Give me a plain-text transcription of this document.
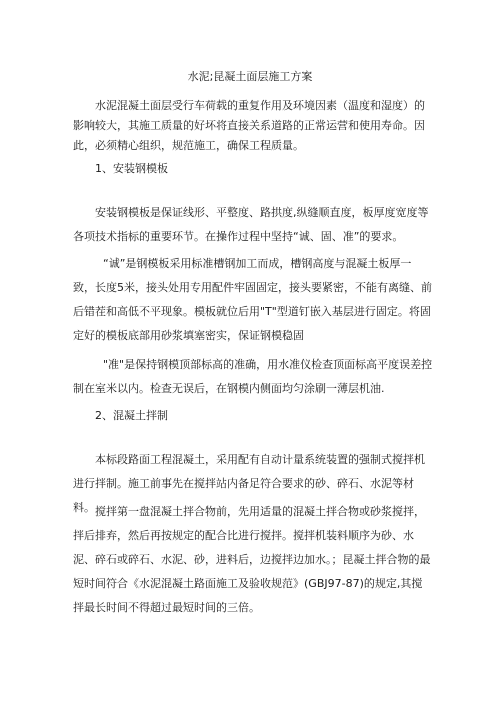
水泥;昆凝土面层施工方案

水泥混凝土面层受行车荷载的重复作用及环境因素（温度和湿度）的影响较大，其施工质量的好坏将直接关系道路的正常运营和使用寿命。因此，必须精心组织，规范施工，确保工程质量。

1、安装钢模板

安装钢模板是保证线形、平整度、路拱度,纵缝顺直度，板厚度宽度等各项技术指标的重要环节。在操作过程中坚持“诚、固、准”的要求。

“诚”是钢模板采用标准槽钢加工而成，槽钢高度与混凝土板厚一致，长度5米，接头处用专用配件牢固固定，接头要紧密，不能有离缝、前后错茬和高低不平现象。模板就位后用"T"型道钉嵌入基层进行固定。将固定好的模板底部用砂浆填塞密实，保证钢模稳固

"准"是保持钢模顶部标高的准确，用水准仪检查顶面标高平度误差控制在室米以内。检查无误后，在钢模内侧面均匀涂刷一薄层机油.

2、混凝土拌制

本标段路面工程混凝土，采用配有自动计量系统装置的强制式搅拌机进行拌制。施工前事先在搅拌站内备足符合要求的砂、碎石、水泥等材料。 搅拌第一盘混凝土拌合物前，先用适量的混凝土拌合物或砂浆搅拌，拌后排弃，然后再按规定的配合比进行搅拌。搅拌机装料顺序为砂、水泥、碎石或碎石、水泥、砂，进料后，边搅拌边加水。；昆凝土拌合物的最短时间符合《水泥混凝土路面施工及验收规范》(GBJ97-87)的规定,其搅拌最长时间不得超过最短时间的三倍。
